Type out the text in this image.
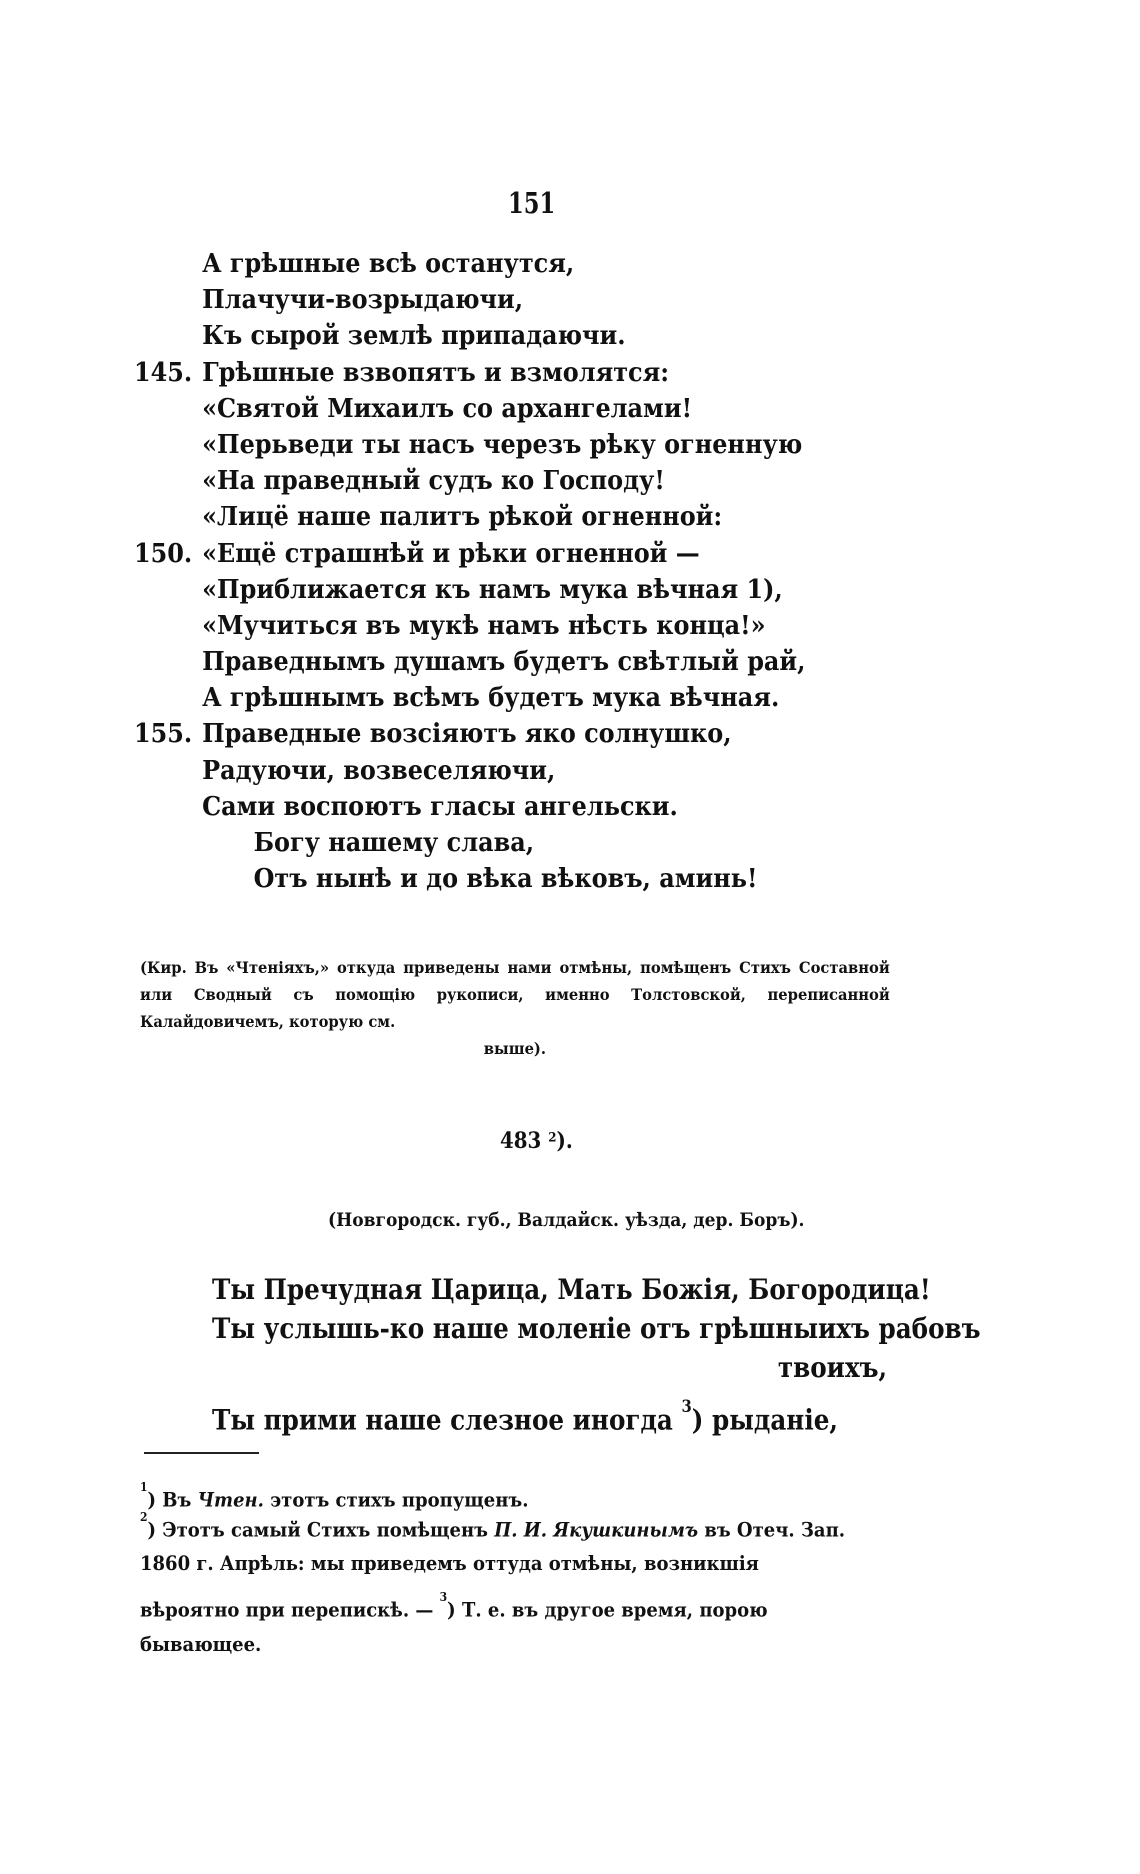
151
А грѣшные всѣ останутся,
Плачучи-возрыдаючи,
Къ сырой землѣ припадаючи.
145. Грѣшные взвопятъ и взмолятся:
«Святой Михаилъ со архангелами!
«Перьведи ты насъ черезъ рѣку огненную
«На праведный судъ ко Господу!
«Лицё наше палитъ рѣкой огненной:
150. «Ещё страшнѣй и рѣки огненной —
«Приближается къ намъ мука вѣчная 1),
«Мучиться въ мукѣ намъ нѣсть конца!»
Праведнымъ душамъ будетъ свѣтлый рай,
А грѣшнымъ всѣмъ будетъ мука вѣчная.
155. Праведные возсіяютъ яко солнушко,
Радуючи, возвеселяючи,
Сами воспоютъ гласы ангельски.
Богу нашему слава,
Отъ нынѣ и до вѣка вѣковъ, аминь!
(Кир. Въ «Чтеніяхъ,» откуда приведены нами отмѣны, помѣщенъ Стихъ Составной или Сводный съ помощію рукописи, именно Толстовской, переписанной Калайдовичемъ, которую см.
выше).
483 $^2$).
(Новгородск. губ., Валдайск. уѣзда, дер. Боръ).
Ты Пречудная Царица, Мать Божія, Богородица!
Ты услышь-ко наше моленіе отъ грѣшныихъ рабовъ
твоихъ,
Ты прими наше слезное иногда $^3$) рыданіе,
$^1$) Въ Чтен. этотъ стихъ пропущенъ.
$^2$) Этотъ самый Стихъ помѣщенъ П. И. Якушкинымъ въ Отеч. Зап. 1860 г. Апрѣль: мы приведемъ оттуда отмѣны, возникшія вѣроятно при перепискѣ. — $^3$) Т. е. въ другое время, порою бывающее.
